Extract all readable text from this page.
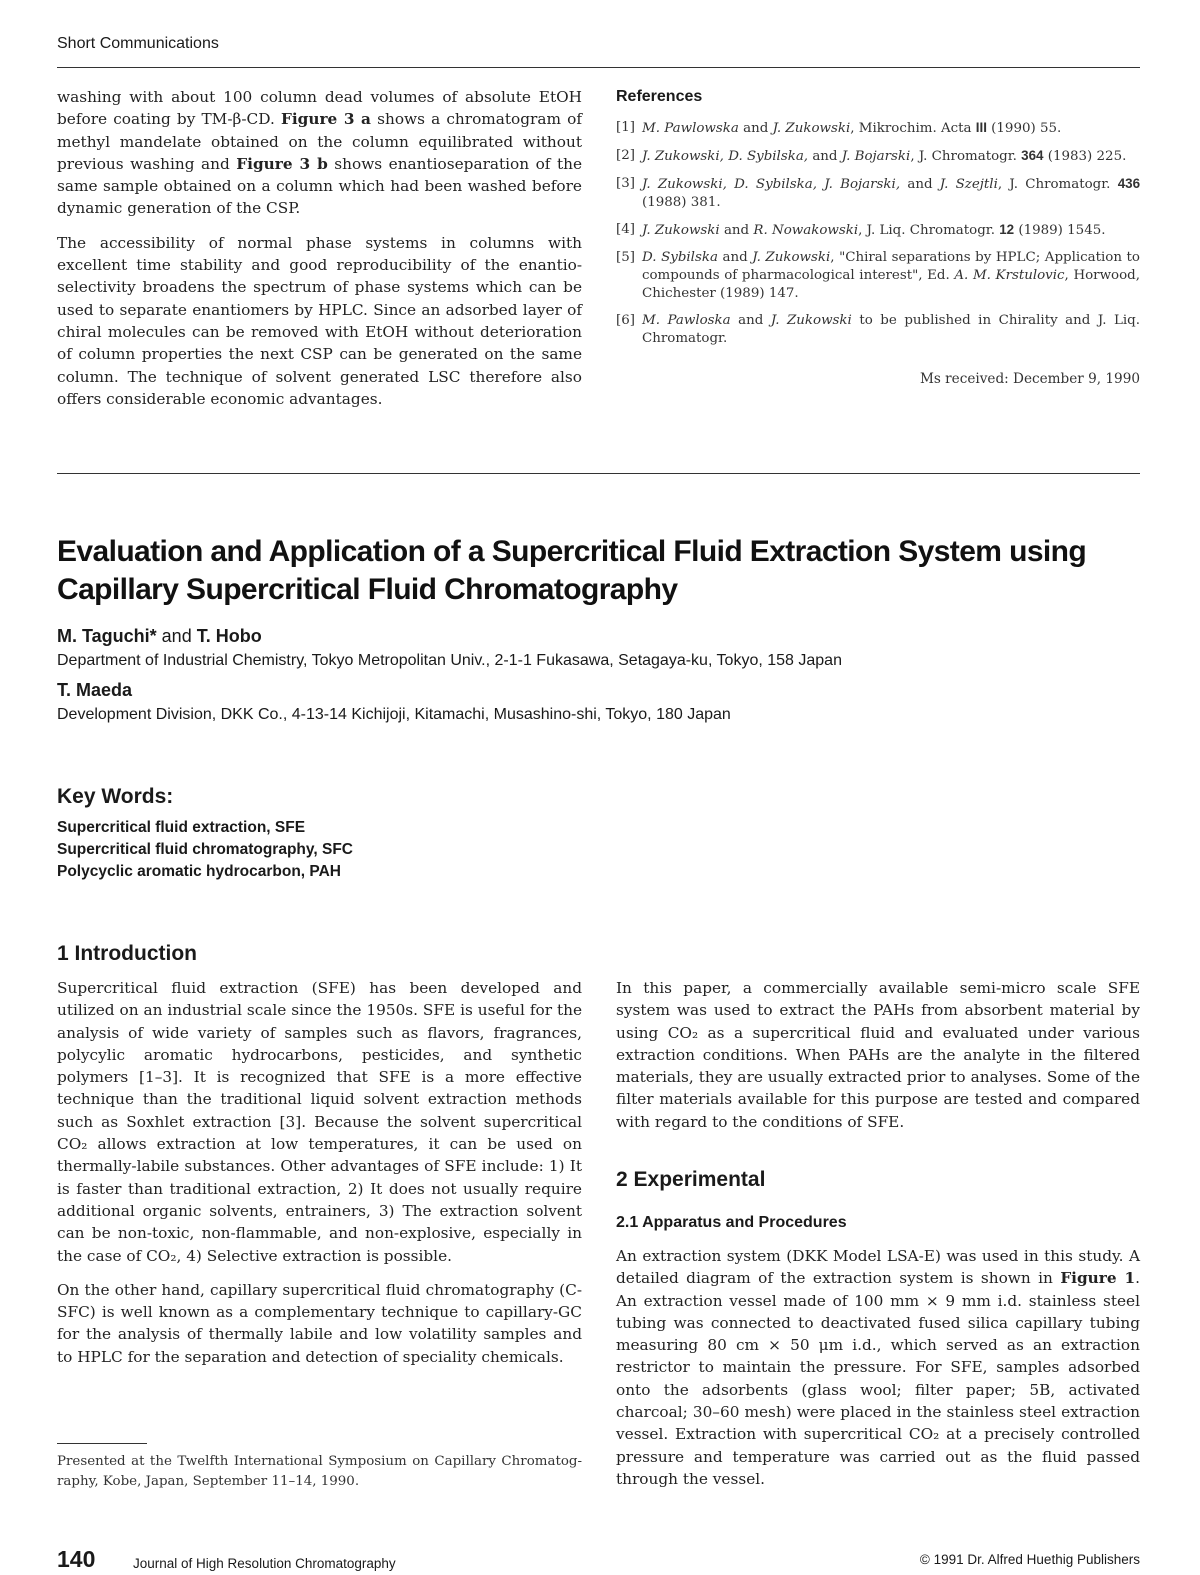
Short Communications

washing with about 100 column dead volumes of absolute EtOH before coating by TM-β-CD. Figure 3 a shows a chromatogram of methyl mandelate obtained on the column equilibrated without previous washing and Figure 3 b shows enantioseparation of the same sample obtained on a column which had been washed before dynamic generation of the CSP.

The accessibility of normal phase systems in columns with excellent time stability and good reproducibility of the enantioselectivity broadens the spectrum of phase systems which can be used to separate enantiomers by HPLC. Since an adsorbed layer of chiral molecules can be removed with EtOH without deterioration of column properties the next CSP can be generated on the same column. The technique of solvent generated LSC therefore also offers considerable economic advantages.

References
[1] M. Pawlowska and J. Zukowski, Mikrochim. Acta III (1990) 55.
[2] J. Zukowski, D. Sybilska, and J. Bojarski, J. Chromatogr. 364 (1983) 225.
[3] J. Zukowski, D. Sybilska, J. Bojarski, and J. Szejtli, J. Chromatogr. 436 (1988) 381.
[4] J. Zukowski and R. Nowakowski, J. Liq. Chromatogr. 12 (1989) 1545.
[5] D. Sybilska and J. Zukowski, "Chiral separations by HPLC; Application to compounds of pharmacological interest", Ed. A. M. Krstulovic, Horwood, Chichester (1989) 147.
[6] M. Pawloska and J. Zukowski to be published in Chirality and J. Liq. Chromatogr.
Ms received: December 9, 1990
Evaluation and Application of a Supercritical Fluid Extraction System using Capillary Supercritical Fluid Chromatography
M. Taguchi* and T. Hobo
Department of Industrial Chemistry, Tokyo Metropolitan Univ., 2-1-1 Fukasawa, Setagaya-ku, Tokyo, 158 Japan
T. Maeda
Development Division, DKK Co., 4-13-14 Kichijoji, Kitamachi, Musashino-shi, Tokyo, 180 Japan
Key Words:
Supercritical fluid extraction, SFE
Supercritical fluid chromatography, SFC
Polycyclic aromatic hydrocarbon, PAH
1 Introduction

Supercritical fluid extraction (SFE) has been developed and utilized on an industrial scale since the 1950s. SFE is useful for the analysis of wide variety of samples such as flavors, fragrances, polycylic aromatic hydrocarbons, pesticides, and synthetic polymers [1–3]. It is recognized that SFE is a more effective technique than the traditional liquid solvent extraction methods such as Soxhlet extraction [3]. Because the solvent supercritical CO₂ allows extraction at low temperatures, it can be used on thermally-labile substances. Other advantages of SFE include: 1) It is faster than traditional extraction, 2) It does not usually require additional organic solvents, entrainers, 3) The extraction solvent can be non-toxic, non-flammable, and non-explosive, especially in the case of CO₂, 4) Selective extraction is possible.

On the other hand, capillary supercritical fluid chromatography (C-SFC) is well known as a complementary technique to capillary-GC for the analysis of thermally labile and low volatility samples and to HPLC for the separation and detection of speciality chemicals.

In this paper, a commercially available semi-micro scale SFE system was used to extract the PAHs from absorbent material by using CO₂ as a supercritical fluid and evaluated under various extraction conditions. When PAHs are the analyte in the filtered materials, they are usually extracted prior to analyses. Some of the filter materials available for this purpose are tested and compared with regard to the conditions of SFE.

2 Experimental
2.1 Apparatus and Procedures

An extraction system (DKK Model LSA-E) was used in this study. A detailed diagram of the extraction system is shown in Figure 1. An extraction vessel made of 100 mm × 9 mm i.d. stainless steel tubing was connected to deactivated fused silica capillary tubing measuring 80 cm × 50 μm i.d., which served as an extraction restrictor to maintain the pressure. For SFE, samples adsorbed onto the adsorbents (glass wool; filter paper; 5B, activated charcoal; 30–60 mesh) were placed in the stainless steel extraction vessel. Extraction with supercritical CO₂ at a precisely controlled pressure and temperature was carried out as the fluid passed through the vessel.

Presented at the Twelfth International Symposium on Capillary Chromatography, Kobe, Japan, September 11–14, 1990.
140	Journal of High Resolution Chromatography	© 1991 Dr. Alfred Huethig Publishers
